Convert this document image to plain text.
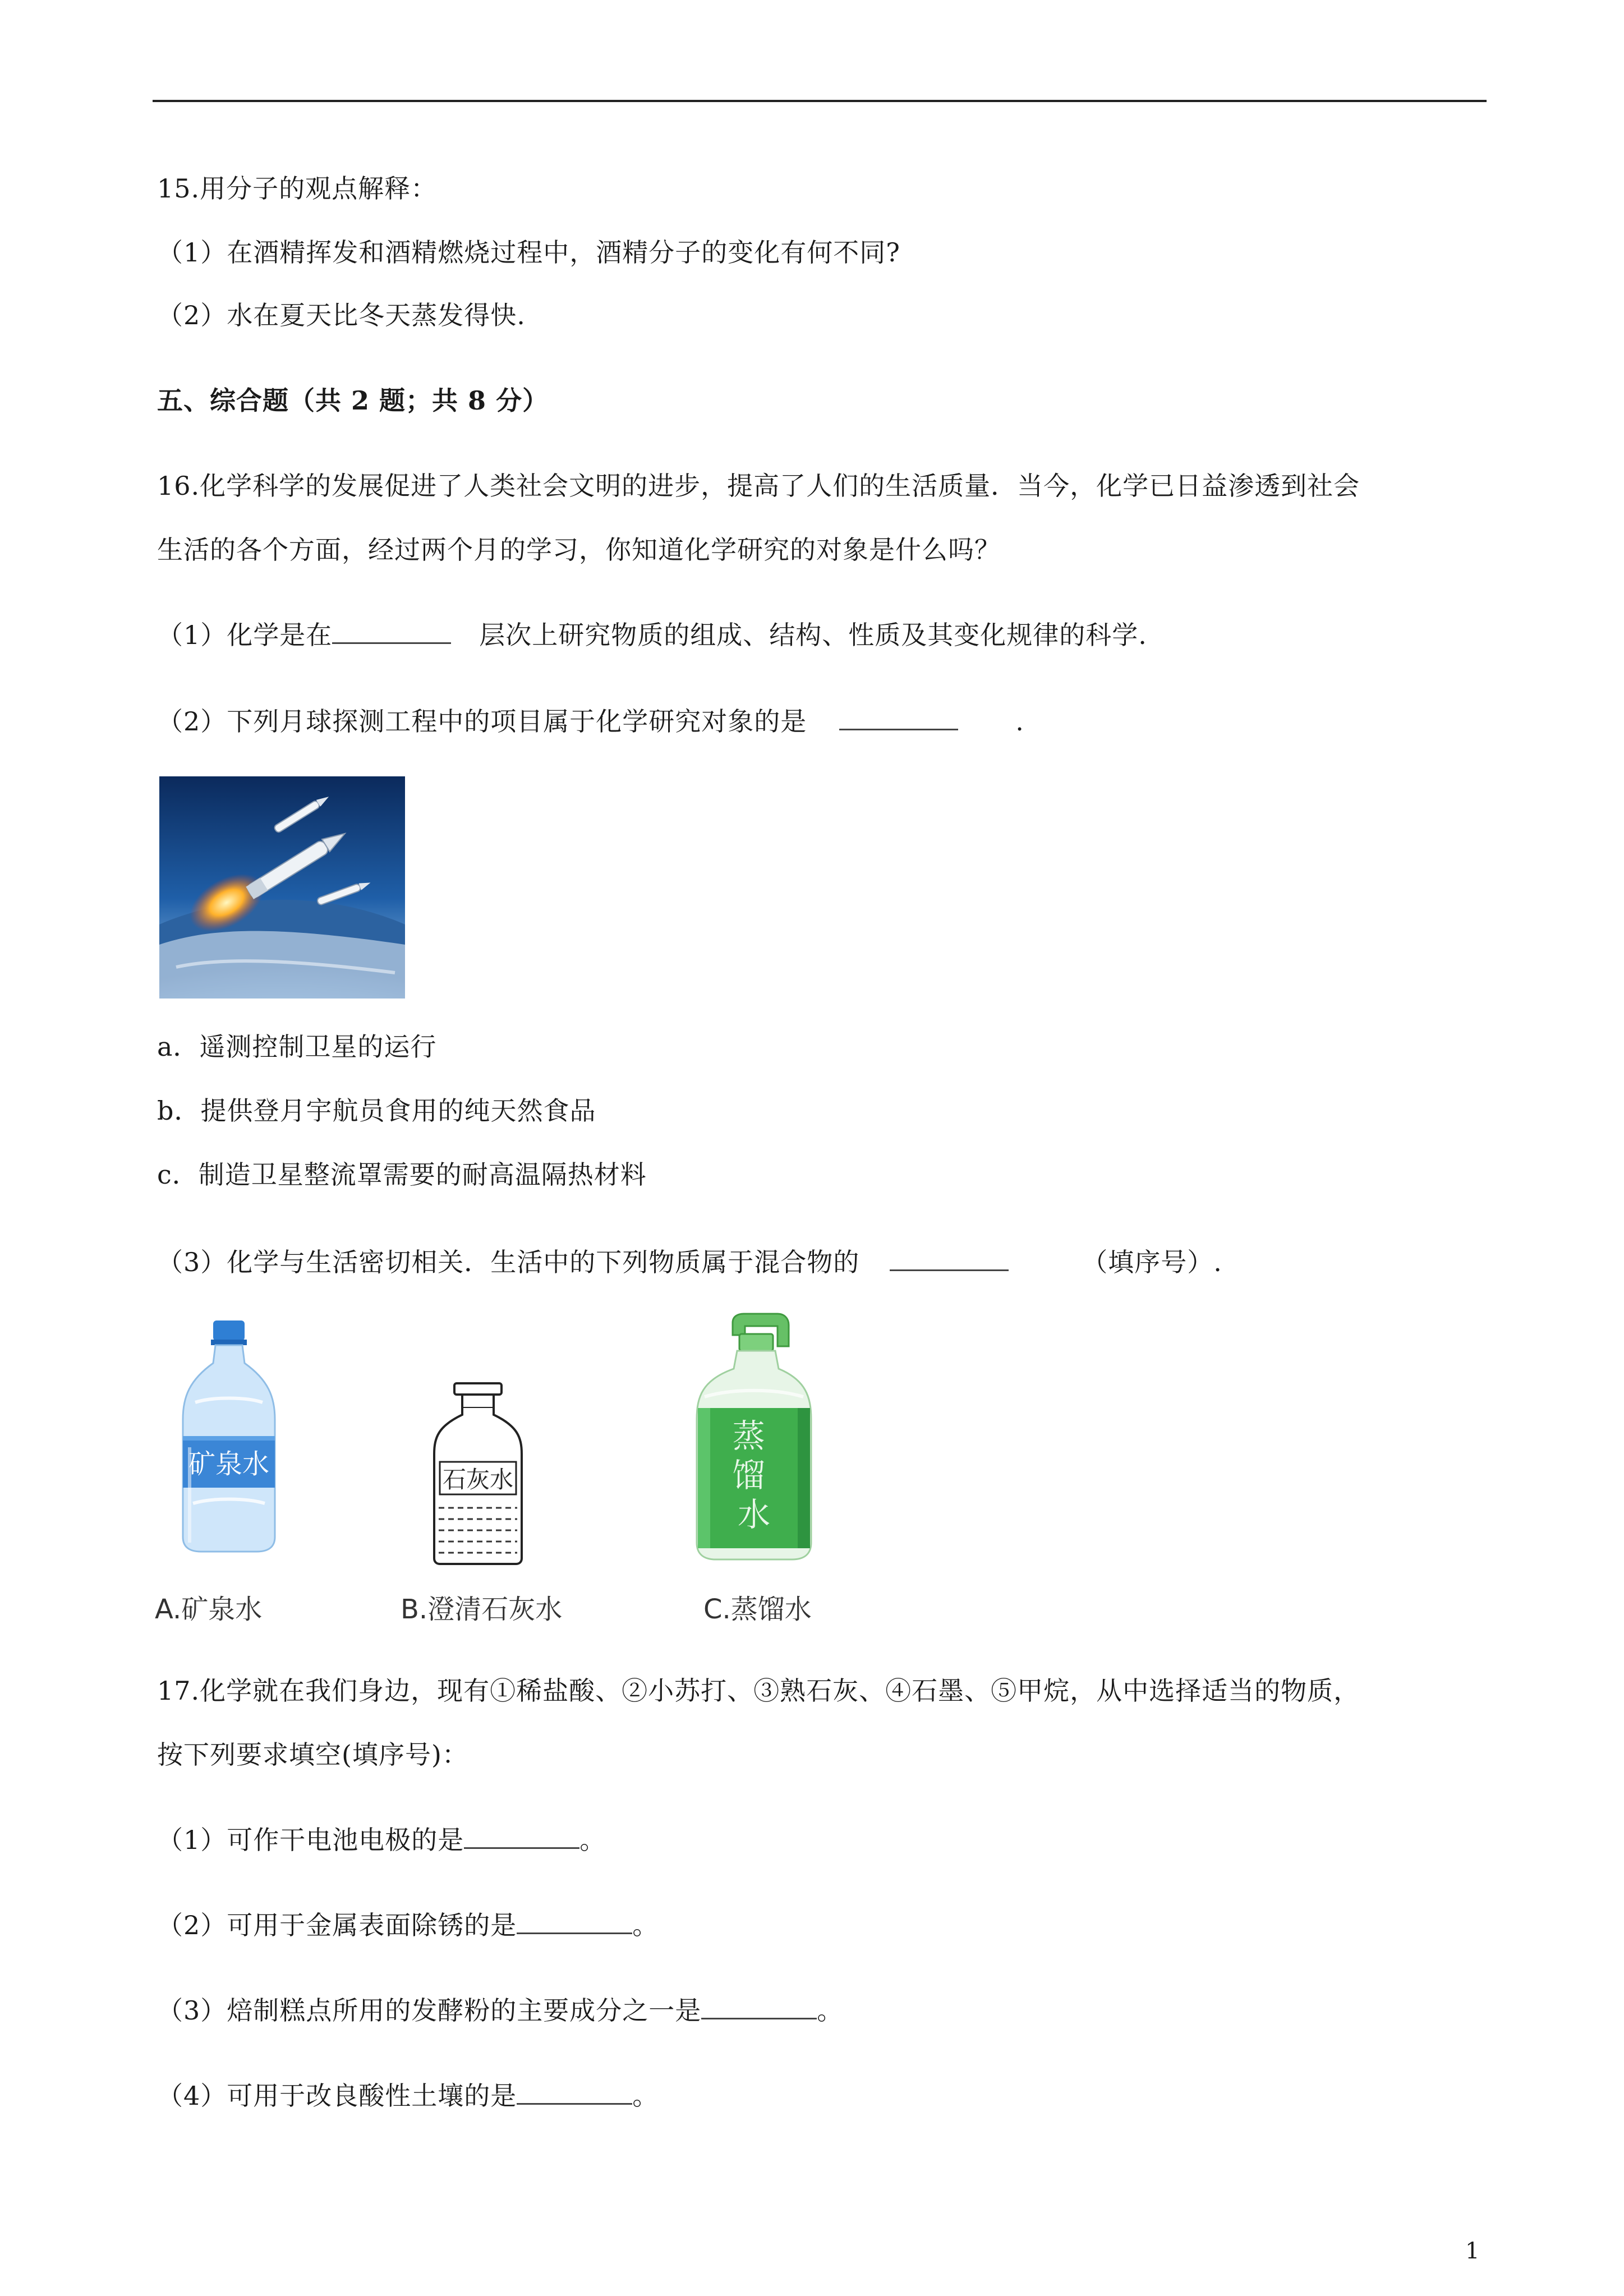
15.用分子的观点解释：
（1）在酒精挥发和酒精燃烧过程中，酒精分子的变化有何不同?
（2）水在夏天比冬天蒸发得快.
五、综合题（共 2 题；共 8 分）
16.化学科学的发展促进了人类社会文明的进步，提高了人们的生活质量．当今，化学已日益渗透到社会
生活的各个方面，经过两个月的学习，你知道化学研究的对象是什么吗？
（1）化学是在	层次上研究物质的组成、结构、性质及其变化规律的科学.
（2）下列月球探测工程中的项目属于化学研究对象的是	.
a．遥测控制卫星的运行
b．提供登月宇航员食用的纯天然食品
c．制造卫星整流罩需要的耐高温隔热材料
（3）化学与生活密切相关．生活中的下列物质属于混合物的	（填序号）.
矿泉水	石灰水
蒸 馏 水
A.矿泉水	B.澄清石灰水	C.蒸馏水
17.化学就在我们身边，现有①稀盐酸、②小苏打、③熟石灰、④石墨、⑤甲烷，从中选择适当的物质，
按下列要求填空(填序号)：
（1）可作干电池电极的是	。
（2）可用于金属表面除锈的是	。
（3）焙制糕点所用的发酵粉的主要成分之一是	。
（4）可用于改良酸性土壤的是	。
1
